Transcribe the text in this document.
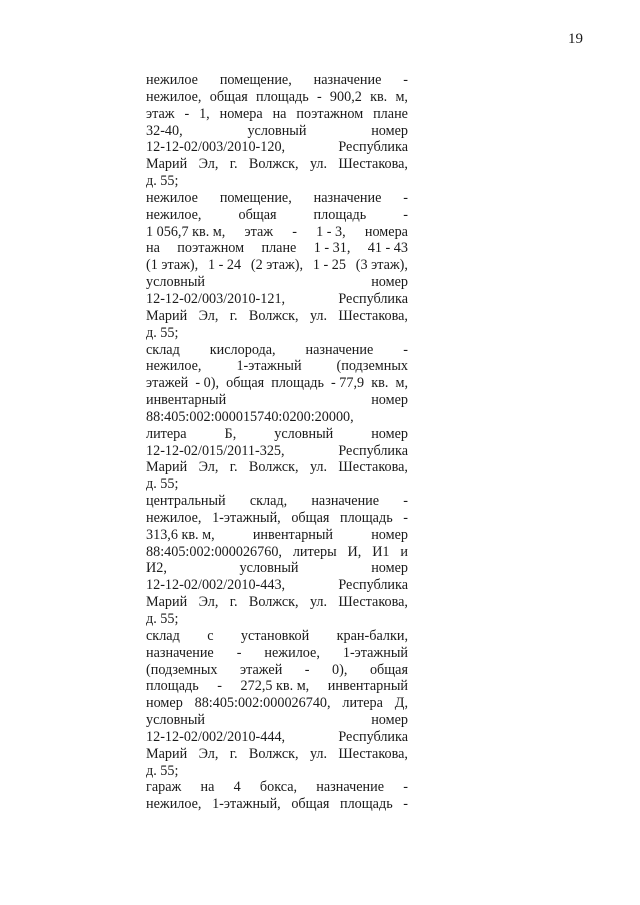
19
нежилое помещение, назначение -
нежилое, общая площадь - 900,2 кв. м,
этаж - 1, номера на поэтажном плане
32-40,	условный	номер
12-12-02/003/2010-120,	Республика
Марий Эл, г. Волжск, ул. Шестакова,
д. 55;
нежилое помещение, назначение -
нежилое,	общая	площадь	-
1 056,7 кв. м, этаж - 1 - 3, номера
на поэтажном плане 1 - 31, 41 - 43
(1 этаж), 1 - 24 (2 этаж), 1 - 25 (3 этаж),
условный	номер
12-12-02/003/2010-121,	Республика
Марий Эл, г. Волжск, ул. Шестакова,
д. 55;
склад кислорода, назначение -
нежилое, 1-этажный (подземных
этажей - 0), общая площадь - 77,9 кв. м,
инвентарный	номер
88:405:002:000015740:0200:20000,
литера	Б,	условный	номер
12-12-02/015/2011-325,	Республика
Марий Эл, г. Волжск, ул. Шестакова,
д. 55;
центральный склад, назначение -
нежилое, 1-этажный, общая площадь -
313,6 кв. м,	инвентарный	номер
88:405:002:000026760, литеры И, И1 и
И2,	условный	номер
12-12-02/002/2010-443,	Республика
Марий Эл, г. Волжск, ул. Шестакова,
д. 55;
склад с установкой кран-балки,
назначение - нежилое, 1-этажный
(подземных этажей - 0), общая
площадь - 272,5 кв. м, инвентарный
номер 88:405:002:000026740, литера Д,
условный	номер
12-12-02/002/2010-444,	Республика
Марий Эл, г. Волжск, ул. Шестакова,
д. 55;
гараж на 4 бокса, назначение -
нежилое, 1-этажный, общая площадь -
